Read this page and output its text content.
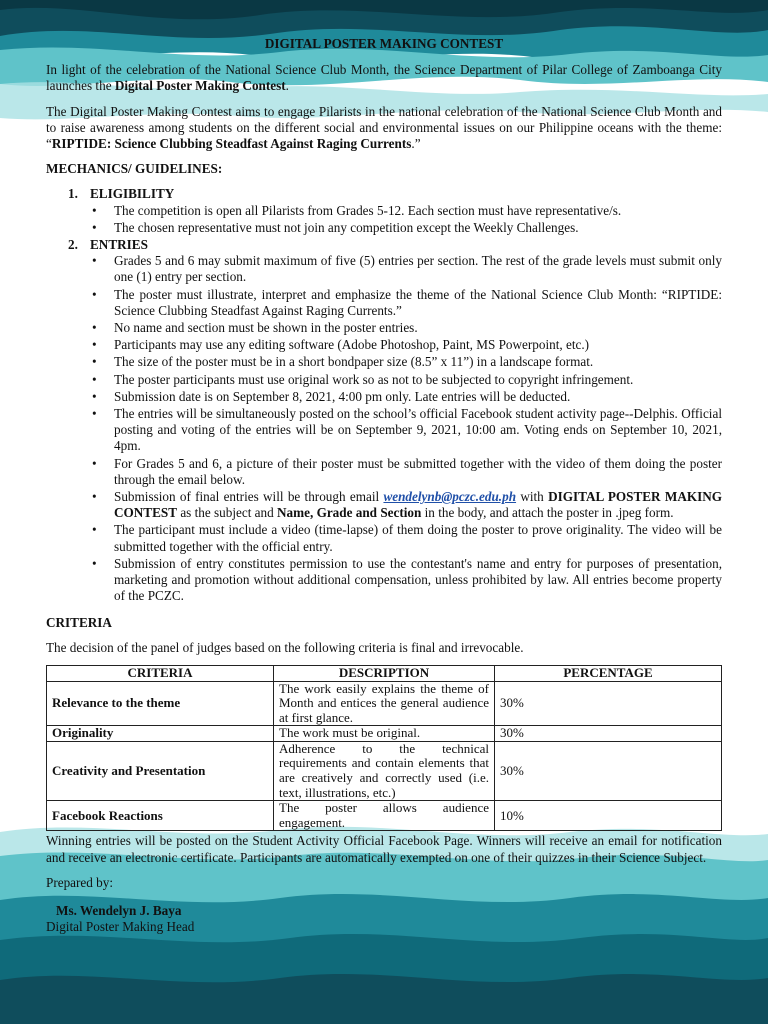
DIGITAL POSTER MAKING CONTEST

In light of the celebration of the National Science Club Month, the Science Department of Pilar College of Zamboanga City launches the Digital Poster Making Contest.

The Digital Poster Making Contest aims to engage Pilarists in the national celebration of the National Science Club Month and to raise awareness among students on the different social and environmental issues on our Philippine oceans with the theme: “RIPTIDE: Science Clubbing Steadfast Against Raging Currents.”

MECHANICS/ GUIDELINES:
1. ELIGIBILITY
• The competition is open all Pilarists from Grades 5-12. Each section must have representative/s.
• The chosen representative must not join any competition except the Weekly Challenges.
2. ENTRIES
• Grades 5 and 6 may submit maximum of five (5) entries per section. The rest of the grade levels must submit only one (1) entry per section.
• The poster must illustrate, interpret and emphasize the theme of the National Science Club Month: “RIPTIDE: Science Clubbing Steadfast Against Raging Currents.”
• No name and section must be shown in the poster entries.
• Participants may use any editing software (Adobe Photoshop, Paint, MS Powerpoint, etc.)
• The size of the poster must be in a short bondpaper size (8.5” x 11”) in a landscape format.
• The poster participants must use original work so as not to be subjected to copyright infringement.
• Submission date is on September 8, 2021, 4:00 pm only. Late entries will be deducted.
• The entries will be simultaneously posted on the school’s official Facebook student activity page--Delphis. Official posting and voting of the entries will be on September 9, 2021, 10:00 am. Voting ends on September 10, 2021, 4pm.
• For Grades 5 and 6, a picture of their poster must be submitted together with the video of them doing the poster through the email below.
• Submission of final entries will be through email wendelynb@pczc.edu.ph with DIGITAL POSTER MAKING CONTEST as the subject and Name, Grade and Section in the body, and attach the poster in .jpeg form.
• The participant must include a video (time-lapse) of them doing the poster to prove originality. The video will be submitted together with the official entry.
• Submission of entry constitutes permission to use the contestant's name and entry for purposes of presentation, marketing and promotion without additional compensation, unless prohibited by law. All entries become property of the PCZC.
CRITERIA

The decision of the panel of judges based on the following criteria is final and irrevocable.

CRITERIA	DESCRIPTION	PERCENTAGE
Relevance to the theme	The work easily explains the theme of Month and entices the general audience at first glance.	30%
Originality	The work must be original.	30%
Creativity and Presentation	Adherence to the technical requirements and contain elements that are creatively and correctly used (i.e. text, illustrations, etc.)	30%
Facebook Reactions	The poster allows audience engagement.	10%

Winning entries will be posted on the Student Activity Official Facebook Page. Winners will receive an email for notification and receive an electronic certificate. Participants are automatically exempted on one of their quizzes in their Science Subject.

Prepared by:

Ms. Wendelyn J. Baya
Digital Poster Making Head
